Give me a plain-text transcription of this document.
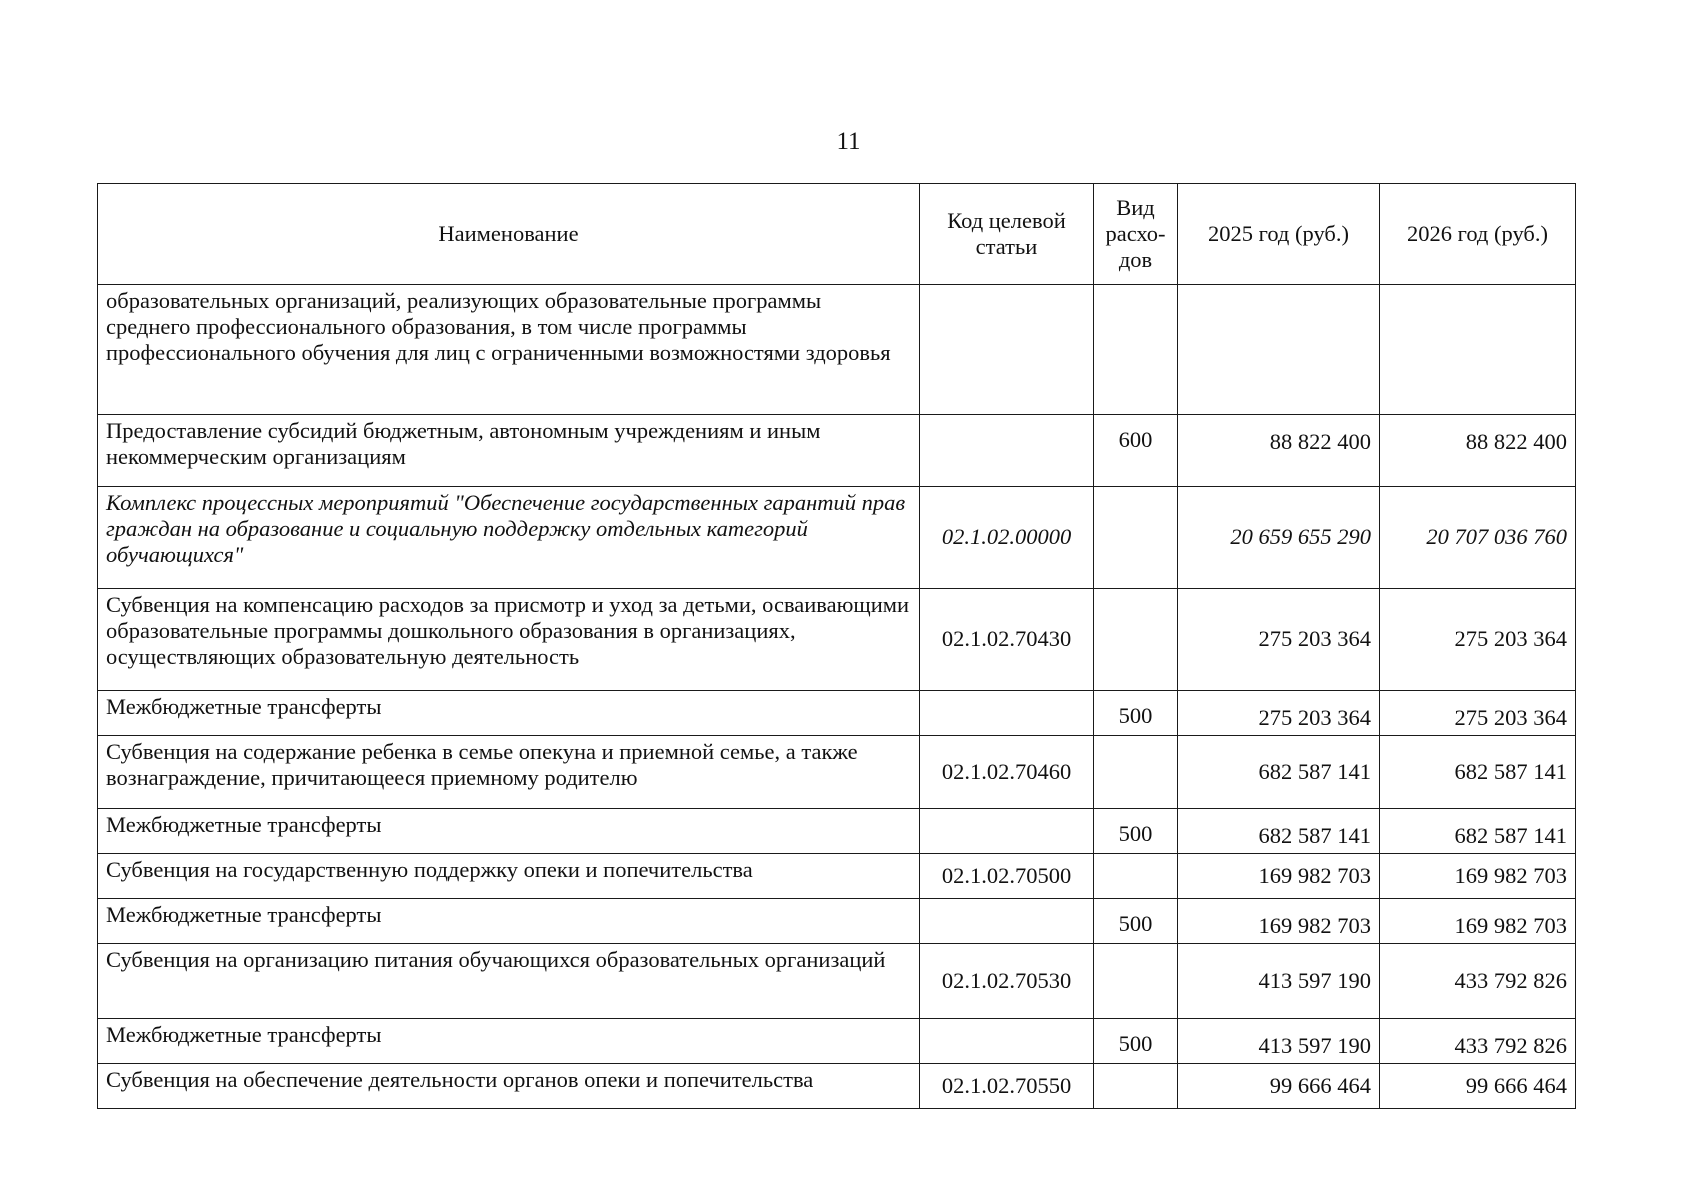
11
Наименование	Код целевой статьи	Вид расхо-дов	2025 год (руб.)	2026 год (руб.)
образовательных организаций, реализующих образовательные программы среднего профессионального образования, в том числе программы профессионального обучения для лиц с ограниченными возможностями здоровья				
Предоставление субсидий бюджетным, автономным учреждениям и иным некоммерческим организациям		600	88 822 400	88 822 400
Комплекс процессных мероприятий "Обеспечение государственных гарантий прав граждан на образование и социальную поддержку отдельных категорий обучающихся"	02.1.02.00000		20 659 655 290	20 707 036 760
Субвенция на компенсацию расходов за присмотр и уход за детьми, осваивающими образовательные программы дошкольного образования в организациях, осуществляющих образовательную деятельность	02.1.02.70430		275 203 364	275 203 364
Межбюджетные трансферты		500	275 203 364	275 203 364
Субвенция на содержание ребенка в семье опекуна и приемной семье, а также вознаграждение, причитающееся приемному родителю	02.1.02.70460		682 587 141	682 587 141
Межбюджетные трансферты		500	682 587 141	682 587 141
Субвенция на государственную поддержку опеки и попечительства	02.1.02.70500		169 982 703	169 982 703
Межбюджетные трансферты		500	169 982 703	169 982 703
Субвенция на организацию питания обучающихся образовательных организаций	02.1.02.70530		413 597 190	433 792 826
Межбюджетные трансферты		500	413 597 190	433 792 826
Субвенция на обеспечение деятельности органов опеки и попечительства	02.1.02.70550		99 666 464	99 666 464
